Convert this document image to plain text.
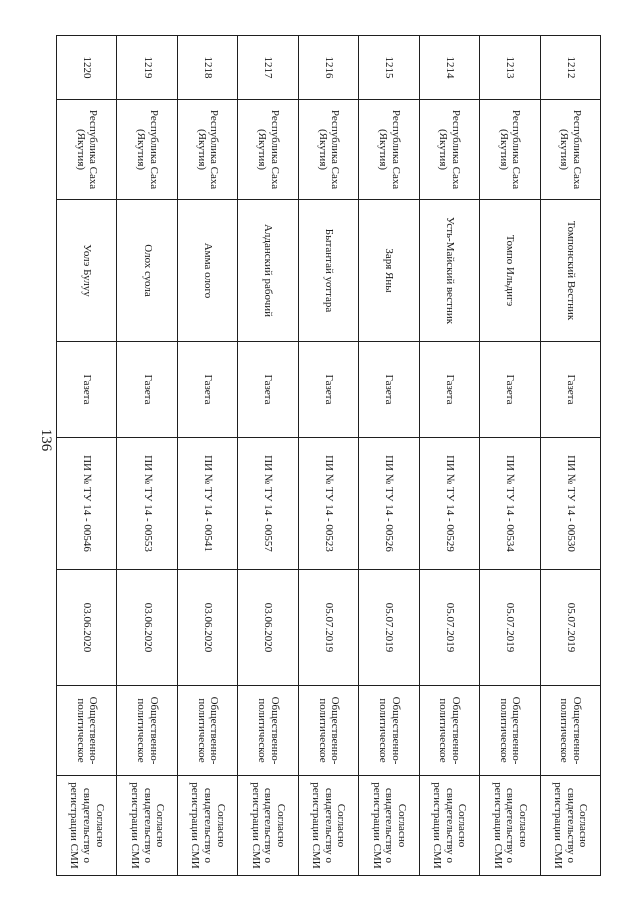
136
1212	Республика Саха (Якутия)	Томпонский Вестник	Газета	ПИ № ТУ 14 - 00530	05.07.2019	Общественно-политическое	Согласно свидетельству о регистрации СМИ
1213	Республика Саха (Якутия)	Томпо Ильдигэ	Газета	ПИ № ТУ 14 - 00534	05.07.2019	Общественно-политическое	Согласно свидетельству о регистрации СМИ
1214	Республика Саха (Якутия)	Усть-Майский вестник	Газета	ПИ № ТУ 14 - 00529	05.07.2019	Общественно-политическое	Согласно свидетельству о регистрации СМИ
1215	Республика Саха (Якутия)	Заря Яны	Газета	ПИ № ТУ 14 - 00526	05.07.2019	Общественно-политическое	Согласно свидетельству о регистрации СМИ
1216	Республика Саха (Якутия)	Бытантай уоттара	Газета	ПИ № ТУ 14 - 00523	05.07.2019	Общественно-политическое	Согласно свидетельству о регистрации СМИ
1217	Республика Саха (Якутия)	Алданский рабочий	Газета	ПИ № ТУ 14 - 00557	03.06.2020	Общественно-политическое	Согласно свидетельству о регистрации СМИ
1218	Республика Саха (Якутия)	Амма олого	Газета	ПИ № ТУ 14 - 00541	03.06.2020	Общественно-политическое	Согласно свидетельству о регистрации СМИ
1219	Республика Саха (Якутия)	Олох суола	Газета	ПИ № ТУ 14 - 00553	03.06.2020	Общественно-политическое	Согласно свидетельству о регистрации СМИ
1220	Республика Саха (Якутия)	Уолэ Булуу	Газета	ПИ № ТУ 14 - 00546	03.06.2020	Общественно-политическое	Согласно свидетельству о регистрации СМИ
